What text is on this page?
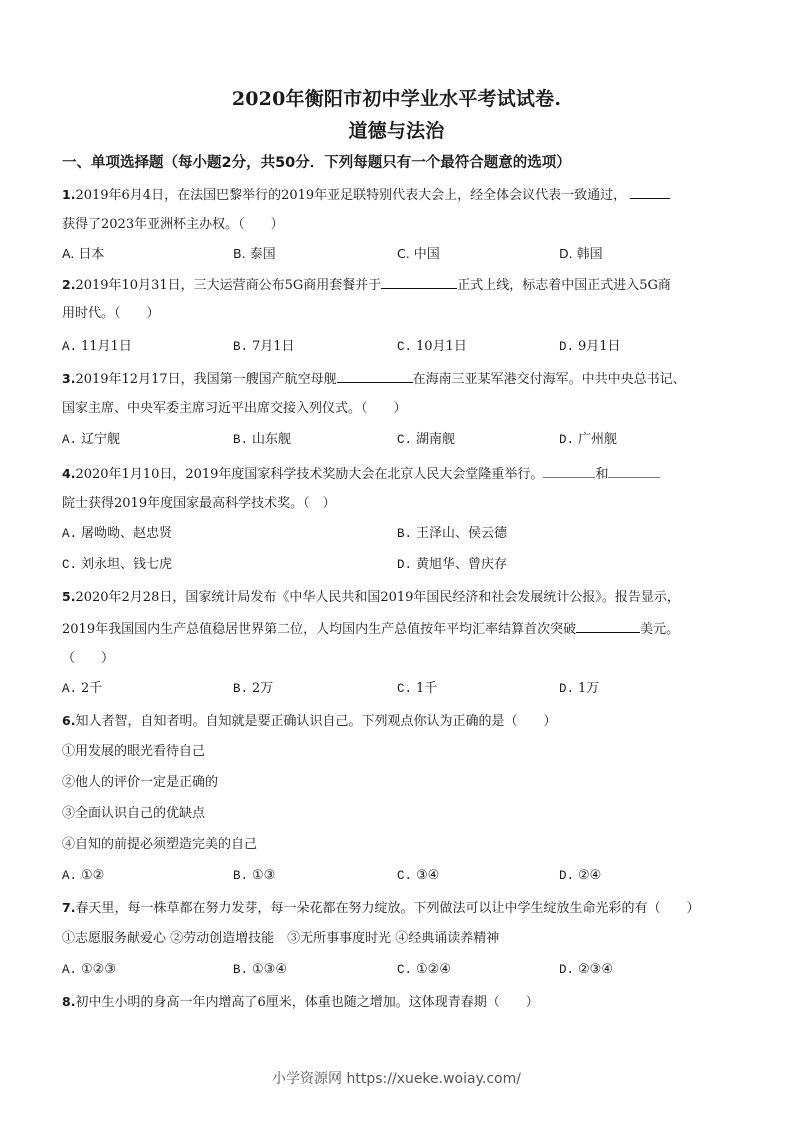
2020年衡阳市初中学业水平考试试卷.
道德与法治
一、单项选择题（每小题2分，共50分．下列每题只有一个最符合题意的选项）
1.2019年6月4日，在法国巴黎举行的2019年亚足联特别代表大会上，经全体会议代表一致通过，
获得了2023年亚洲杯主办权。（　　）
A. 日本	B. 泰国	C. 中国	D. 韩国
2.2019年10月31日，三大运营商公布5G商用套餐并于	正式上线，标志着中国正式进入5G商
用时代。（　　）
A. 11月1日	B. 7月1日	C. 10月1日	D. 9月1日
3.2019年12月17日，我国第一艘国产航空母舰	在海南三亚某军港交付海军。中共中央总书记、
国家主席、中央军委主席习近平出席交接入列仪式。（　　）
A. 辽宁舰	B. 山东舰	C. 湖南舰	D. 广州舰
4.2020年1月10日，2019年度国家科学技术奖励大会在北京人民大会堂隆重举行。	和
院士获得2019年度国家最高科学技术奖。（　）
A. 屠呦呦、赵忠贤	B. 王泽山、侯云德
C. 刘永坦、钱七虎	D. 黄旭华、曾庆存
5.2020年2月28日，国家统计局发布《中华人民共和国2019年国民经济和社会发展统计公报》。报告显示，
2019年我国国内生产总值稳居世界第二位，人均国内生产总值按年平均汇率结算首次突破	美元。
（　　）
A. 2千	B. 2万	C. 1千	D. 1万
6.知人者智，自知者明。自知就是要正确认识自己。下列观点你认为正确的是（　　）
①用发展的眼光看待自己
②他人的评价一定是正确的
③全面认识自己的优缺点
④自知的前提必须塑造完美的自己
A. ①②	B. ①③	C. ③④	D. ②④
7.春天里，每一株草都在努力发芽，每一朵花都在努力绽放。下列做法可以让中学生绽放生命光彩的有（　　）
①志愿服务献爱心 ②劳动创造增技能　③无所事事度时光 ④经典诵读养精神
A. ①②③	B. ①③④	C. ①②④	D. ②③④
8.初中生小明的身高一年内增高了6厘米，体重也随之增加。这体现青春期（　　）
小学资源网 https://xueke.woiay.com/
